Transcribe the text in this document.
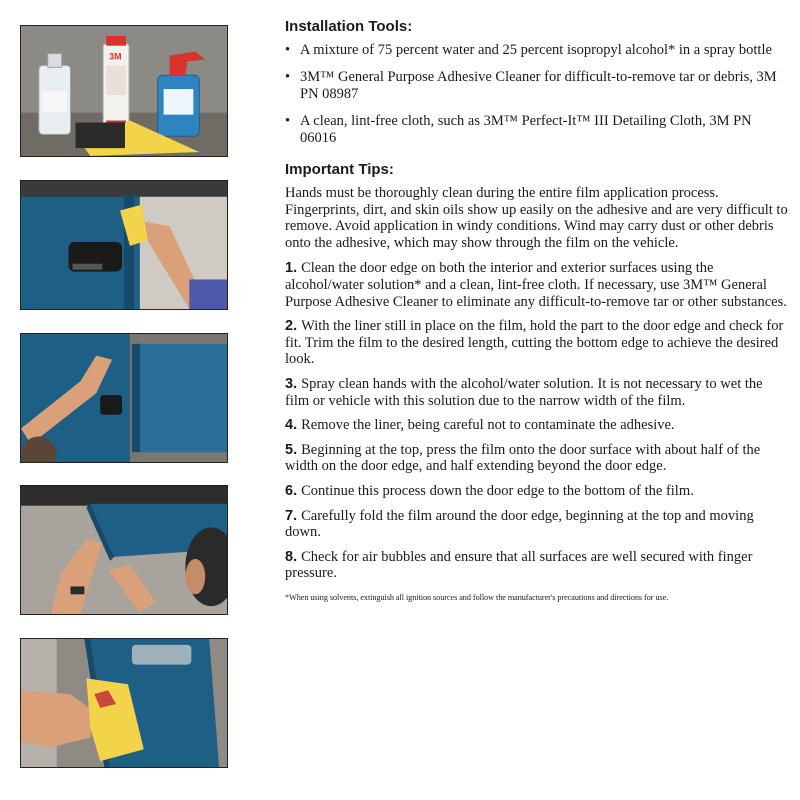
3M
Installation Tools:
• A mixture of 75 percent water and 25 percent isopropyl alcohol* in a spray bottle
• 3M™ General Purpose Adhesive Cleaner for difficult-to-remove tar or debris, 3M PN 08987
• A clean, lint-free cloth, such as 3M™ Perfect-It™ III Detailing Cloth, 3M PN 06016
Important Tips:

Hands must be thoroughly clean during the entire film application process. Fingerprints, dirt, and skin oils show up easily on the adhesive and are very difficult to remove. Avoid application in windy conditions. Wind may carry dust or other debris onto the adhesive, which may show through the film on the vehicle.

1. Clean the door edge on both the interior and exterior surfaces using the alcohol/water solution* and a clean, lint-free cloth. If necessary, use 3M™ General Purpose Adhesive Cleaner to eliminate any difficult-to-remove tar or other substances.

2. With the liner still in place on the film, hold the part to the door edge and check for fit. Trim the film to the desired length, cutting the bottom edge to achieve the desired look.

3. Spray clean hands with the alcohol/water solution. It is not necessary to wet the film or vehicle with this solution due to the narrow width of the film.

4. Remove the liner, being careful not to contaminate the adhesive.

5. Beginning at the top, press the film onto the door surface with about half of the width on the door edge, and half extending beyond the door edge.

6. Continue this process down the door edge to the bottom of the film.

7. Carefully fold the film around the door edge, beginning at the top and moving down.

8. Check for air bubbles and ensure that all surfaces are well secured with finger pressure.

*When using solvents, extinguish all ignition sources and follow the manufacturer's precautions and directions for use.
